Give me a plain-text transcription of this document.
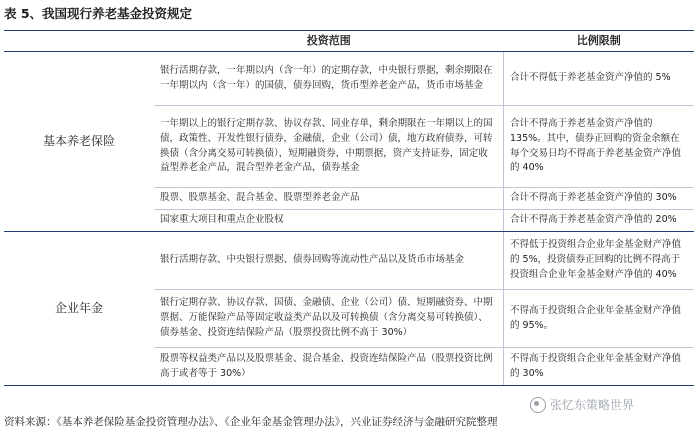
表 5、我国现行养老基金投资规定
	投资范围	比例限制
基本养老保险	银行活期存款，一年期以内（含一年）的定期存款，中央银行票据，剩余期限在一年期以内（含一年）的国债，债券回购，货币型养老金产品，货币市场基金	合计不得低于养老基金资产净值的 5%
	一年期以上的银行定期存款、协议存款、同业存单，剩余期限在一年期以上的国债，政策性、开发性银行债券，金融债，企业（公司）债，地方政府债券，可转换债（含分离交易可转换债），短期融资券，中期票据，资产支持证券，固定收益型养老金产品，混合型养老金产品，债券基金	合计不得高于养老基金资产净值的 135%。其中，债券正回购的资金余额在每个交易日均不得高于养老基金资产净值的 40%
	股票、股票基金、混合基金、股票型养老金产品	合计不得高于养老基金资产净值的 30%
	国家重大项目和重点企业股权	合计不得高于养老基金资产净值的 20%
企业年金	银行活期存款、中央银行票据、债券回购等流动性产品以及货币市场基金	不得低于投资组合企业年金基金财产净值的 5%，投资债券正回购的比例不得高于投资组合企业年金基金财产净值的 40%
	银行定期存款、协议存款、国债、金融债、企业（公司）债、短期融资券、中期票据、万能保险产品等固定收益类产品以及可转换债（含分离交易可转换债）、债券基金、投资连结保险产品（股票投资比例不高于 30%）	不得高于投资组合企业年金基金财产净值的 95%。
	股票等权益类产品以及股票基金、混合基金、投资连结保险产品（股票投资比例高于或者等于 30%）	不得高于投资组合企业年金基金财产净值的 30%
张忆东策略世界
资料来源：《基本养老保险基金投资管理办法》、《企业年金基金管理办法》，兴业证券经济与金融研究院整理
